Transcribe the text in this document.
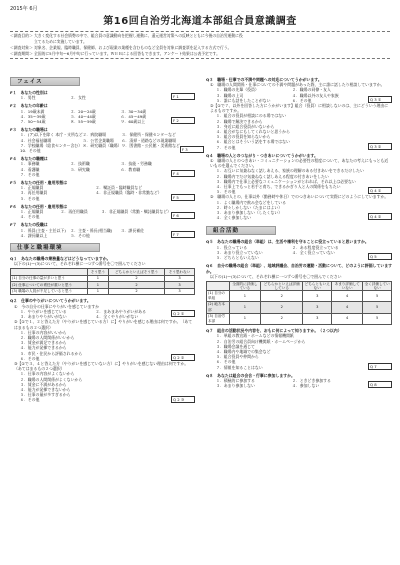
2015年 6月
第16回自治労北海道本部組合員意識調査
＜調査目的＞ 大きく変化する社会情勢の中で、組合員の意識動向を把握し運動に、還元運営対策への反映とともに今後の自治労運動に役
　　　　　　 立てるために実施しています。
＜調査対象＞ 対象名、企業規、臨時職員、保健師、および現業の業種を含むものなど全員を対象に調査票を記入する方式で行う。
＜調査期間＞ 全国的に5月中旬〜6月中旬に行っています。ＷＥＢによる回答もできます。アンケート結果は公表予定です。
フェイス
F１　あなたの性別は
１．男性	２．女性	F 1
F２　あなたの年齢は
１．19歳未満	２．20〜24歳	３．30〜34歳
４．35〜39歳	５．40〜44歳	６．45〜49歳
７．50〜54歳	８．55〜59歳	９．60歳以上	F 2
F３　あなたの職場は
１．(ア)以下を除く 本庁・支所など ２．病院職場	３．保健所・保健センターなど
４．社会福祉職場	５．公営企業職場	６．清掃・道路などの現業職場
７．学校職場（給食センター含む） ８．研究職員（職場） ９．図書館・公民館・美術館など
10．その他	F 3
F４　あなたの職種は
１．事務職	２．技術職	３．技能・労務職
４．看護職	５．研究職	６．教育職
７．その他	F 4
F５　あなたの任用・雇用形態は
１．正規職員	２．嘱託員・臨時職員など
３．再任用職員	４．非正規職員（臨時・非常勤など）
５．その他	F 5
F６　あなたの任用・雇用形態は
１．正規職員	２．再任用職員	３．非正規職員（常勤・嘱託職員など）
４．その他	F 6
F７　あなたの役職は
１．係員(主査・主任以下)	２．主査・係長(相当職)	３．課長補佐
４．課長職以上	５．その他	F 7
仕事と職場環境
Q１　あなたの職場の業務量などはどうなっていますか。
以下の(1)〜(3)について、それぞれ横に一つずつ番号を〇で囲んでください
	そう思う	どちらかといえばそう思う	そう思わない
(1) 自分の仕事の量が多いと思う	1	2	3
(2) 仕事についての責任が重いと思う	1	2	3
(3) 職場の人員が不足していると思う	1	2	3
Q２　仕事のやりがいについてうかがいます。
①　今の自分の仕事にやりがいを感じていますか
１．やりがいを感じている	２．まあまあやりがいがある
３．あまりやりがいがない	４．全くやりがいがない
Q 2 ①
②【①で１、２と答えた方（やりがいを感じている方）に】やりがいを感じる理由は何ですか。（あてはまるもの２つ選択）
１．仕事の内容がいいから
２．職場の人間関係がいいから
３．賃金が満足できるから
４．能力が発揮できるから
５．市民・住民から評価されるから
６．その他	Q 2 ②
③【①で３、４と答えた方（やりがいを感じていない方）に】やりがいを感じない理由は何ですか。（あてはまるもの２つ選択）
１．仕事の内容がよくないから
２．職場の人間関係がよくないから
３．賃金に不満があるから
４．能力が発揮できないから
５．仕事の量が多すぎるから
６．その他	Q 2 ③
Q３　職場・仕事での不満や問題への対応についてうかがいます。
①　職場の人間関係・仕事についての不満や問題があった際、主に誰に話したり相談していますか。
１．職場の先輩（役員）	２．職場の同僚・友人
３．職場の上司	４．職場以外の友人や家族
５．誰にも話をしたことがない	６．その他	Q 3 ①
②【①で７、以外を回答した方にうかがいます】組合（役員）に相談しないのは、主にどういう理由によるものですか。
１．組合の役員が相談にのる場ではない
２．職場で解決できるから
３．身近に組合役員がいないから
４．組合がなにもしてくれないと思うから
５．組合の役員を知らないから
６．組合とはそういう話をする場ではない
７．その他	Q 3 ②
Q４　職場の人とのつながり・つきあいについてうかがいます。
①　職場の人とのつきあい・コミュニケーションの必要性の程度について、あなたの考えにもっとも近いものを選んでください。
１．お互いに気兼ねなく話しあえる、家族の理解のある付きあいをできるだけしたい
２．職場内でだけ気兼ねなく話しあえる程度の付きあいをしたい
３．職場内で仕事上必要なコミュニケーションがとれれば、それ以上は必要ない
４．仕事上でもっと若手と育ち、できるかぎり人と人の関係をもちたい
５．その他	Q 4 ①
②　職場の人との、仕事以外（勤務時や休日）でのつきあいについて実際にどのようにしていますか。
１．よく職場内で飲み会などをしている
２．時々しかしない（たまにはよい）
３．あまり参加しない（したくない）
４．全く参加しない	Q 4 ②
組合活動
Q５　あなたの職場の組合（単組）は、生活や権利を守ることに役立っていると思いますか。
１．役立っている	２．ある程度役立っている
３．あまり役立っていない	４．全く役立っていない
５．どちらともいえない	Q 5
Q６　自分の職場の組合（単組）、地域評議会、自治労の運動・活動について、どのように評価していますか。
以下の(1)〜(3)について、それぞれ横に一つずつ番号を〇で囲んでください
	全面的に評価している	どちらかといえば評価している	どちらともいえない	あまり評価していない	全く評価していない
(1) 自分の単組	1	2	3	4	5
(2) 地方本部	1	2	3	4	5
(3) 自治労本部	1	2	3	4	5
Q７　組合の活動状況や内容を、おもに何によって知りますか。（２つ以内）
１．単組の教宣紙・ホームなどの情報機関紙
２．自治労の組合員向け機関紙・ホームページから
３．職場会議を通じて
４．職場内や地域での集会など
５．組合役員や仲間から
６．その他
７．情報を知ることはない	Q 7
Q８　あなたは組合の会合・行事に参加しますか。
１．積極的に参加する	２．ときどき参加する
３．あまり参加しない	４．参加しない	Q 8
